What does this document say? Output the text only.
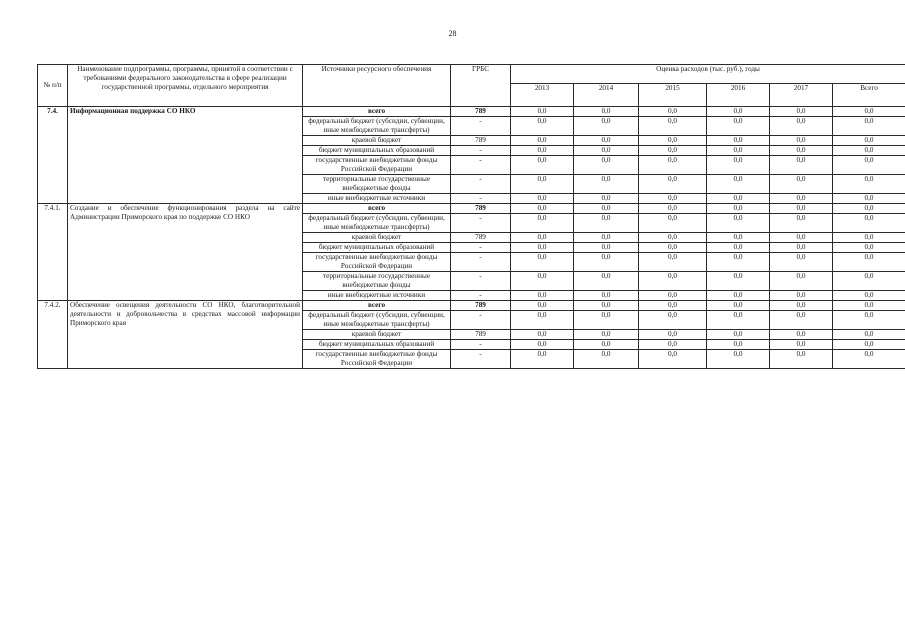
28
№ п/п	Наименование подпрограммы, программы, принятой в соответствии с требованиями федерального законодательства в сфере реализации государственной программы, отдельного мероприятия	Источники ресурсного обеспечения	ГРБС	Оценка расходов (тыс. руб.), годы					
				2013	2014	2015	2016	2017	Всего
7.4.	Информационная поддержка СО НКО	всего	789	0,0	0,0	0,0	0,0	0,0	0,0
		федеральный бюджет (субсидии, субвенции, иные межбюджетные трансферты)	-	0,0	0,0	0,0	0,0	0,0	0,0
		краевой бюджет	789	0,0	0,0	0,0	0,0	0,0	0,0
		бюджет муниципальных образований	-	0,0	0,0	0,0	0,0	0,0	0,0
		государственные внебюджетные фонды Российской Федерации	-	0,0	0,0	0,0	0,0	0,0	0,0
		территориальные государственные внебюджетные фонды	-	0,0	0,0	0,0	0,0	0,0	0,0
		иные внебюджетные источники	-	0,0	0,0	0,0	0,0	0,0	0,0
7.4.1.	Создание и обеспечение функционирования раздела на сайте Администрации Приморского края по поддержке СО НКО	всего	789	0,0	0,0	0,0	0,0	0,0	0,0
		федеральный бюджет (субсидии, субвенции, иные межбюджетные трансферты)	-	0,0	0,0	0,0	0,0	0,0	0,0
		краевой бюджет	789	0,0	0,0	0,0	0,0	0,0	0,0
		бюджет муниципальных образований	-	0,0	0,0	0,0	0,0	0,0	0,0
		государственные внебюджетные фонды Российской Федерации	-	0,0	0,0	0,0	0,0	0,0	0,0
		территориальные государственные внебюджетные фонды	-	0,0	0,0	0,0	0,0	0,0	0,0
		иные внебюджетные источники	-	0,0	0,0	0,0	0,0	0,0	0,0
7.4.2.	Обеспечение освещения деятельности СО НКО, благотворительной деятельности и добровольчества в средствах массовой информации Приморского края	всего	789	0,0	0,0	0,0	0,0	0,0	0,0
		федеральный бюджет (субсидии, субвенции, иные межбюджетные трансферты)	-	0,0	0,0	0,0	0,0	0,0	0,0
		краевой бюджет	789	0,0	0,0	0,0	0,0	0,0	0,0
		бюджет муниципальных образований	-	0,0	0,0	0,0	0,0	0,0	0,0
		государственные внебюджетные фонды Российской Федерации	-	0,0	0,0	0,0	0,0	0,0	0,0
